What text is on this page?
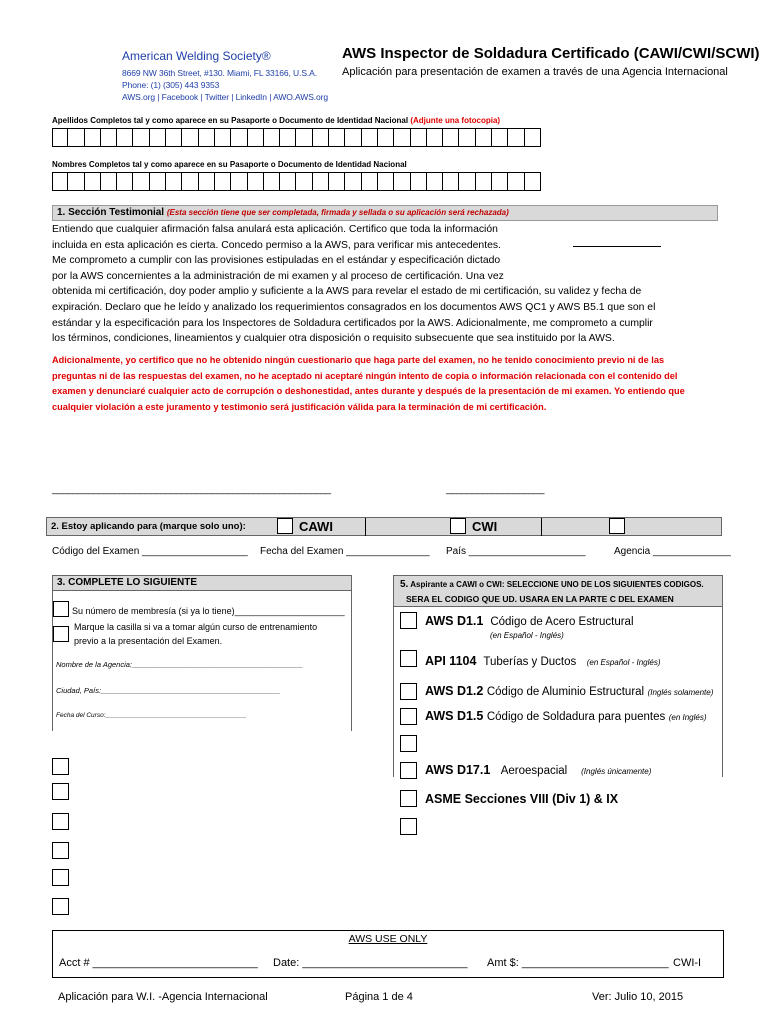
American Welding Society®
8669 NW 36th Street, #130. Miami, FL 33166, U.S.A.
Phone: (1) (305) 443 9353
AWS.org | Facebook | Twitter | LinkedIn | AWO.AWS.org
AWS Inspector de Soldadura Certificado (CAWI/CWI/SCWI)
Aplicación para presentación de examen a través de una Agencia Internacional
Apellidos Completos tal y como aparece en su Pasaporte o Documento de Identidad Nacional (Adjunte una fotocopia)
Nombres Completos tal y como aparece en su Pasaporte o Documento de Identidad Nacional
1. Sección Testimonial (Esta sección tiene que ser completada, firmada y sellada o su aplicación será rechazada)
Entiendo que cualquier afirmación falsa anulará esta aplicación. Certifico que toda la información
incluida en esta aplicación es cierta. Concedo permiso a la AWS, para verificar mis antecedentes.
Me comprometo a cumplir con las provisiones estipuladas en el estándar y especificación dictado
por la AWS concernientes a la administración de mi examen y al proceso de certificación. Una vez
obtenida mi certificación, doy poder amplio y suficiente a la AWS para revelar el estado de mi certificación, su validez y fecha de
expiración. Declaro que he leído y analizado los requerimientos consagrados en los documentos AWS QC1 y AWS B5.1 que son el
estándar y la especificación para los Inspectores de Soldadura certificados por la AWS. Adicionalmente, me comprometo a cumplir
los términos, condiciones, lineamientos y cualquier otra disposición o requisito subsecuente que sea instituido por la AWS.
Adicionalmente, yo certifico que no he obtenido ningún cuestionario que haga parte del examen, no he tenido conocimiento previo ni de las
preguntas ni de las respuestas del examen, no he aceptado ni aceptaré ningún intento de copia o información relacionada con el contenido del
examen y denunciaré cualquier acto de corrupción o deshonestidad, antes durante y después de la presentación de mi examen. Yo entiendo que
cualquier violación a este juramento y testimonio será justificación válida para la terminación de mi certificación.
______________________________________________________	___________________
2. Estoy aplicando para (marque solo uno):	CAWI	CWI
Código del Examen ___________________ Fecha del Examen _______________ País _____________________	Agencia ______________
3. COMPLETE LO SIGUIENTE
Su número de membresía (si ya lo tiene)______________________
Marque la casilla si va a tomar algún curso de entrenamiento
previo a la presentación del Examen.
Nombre de la Agencia:_________________________________________
Ciudad, País:___________________________________________
Fecha del Curso:_______________________________________
5. Aspirante a CAWI o CWI: SELECCIONE UNO DE LOS SIGUIENTES CODIGOS.
SERA EL CODIGO QUE UD. USARA EN LA PARTE C DEL EXAMEN
AWS D1.1 Código de Acero Estructural
(en Español - Inglés)
API 1104 Tuberías y Ductos (en Español - Inglés)
AWS D1.2 Código de Aluminio Estructural (Inglés solamente)
AWS D1.5 Código de Soldadura para puentes (en Inglés)
AWS D17.1 Aeroespacial (Inglés únicamente)
ASME Secciones VIII (Div 1) & IX
AWS USE ONLY
Acct # ___________________________ Date: ___________________________ Amt $: ________________________ CWI-I
Aplicación para W.I. -Agencia Internacional	Página 1 de 4	Ver: Julio 10, 2015
